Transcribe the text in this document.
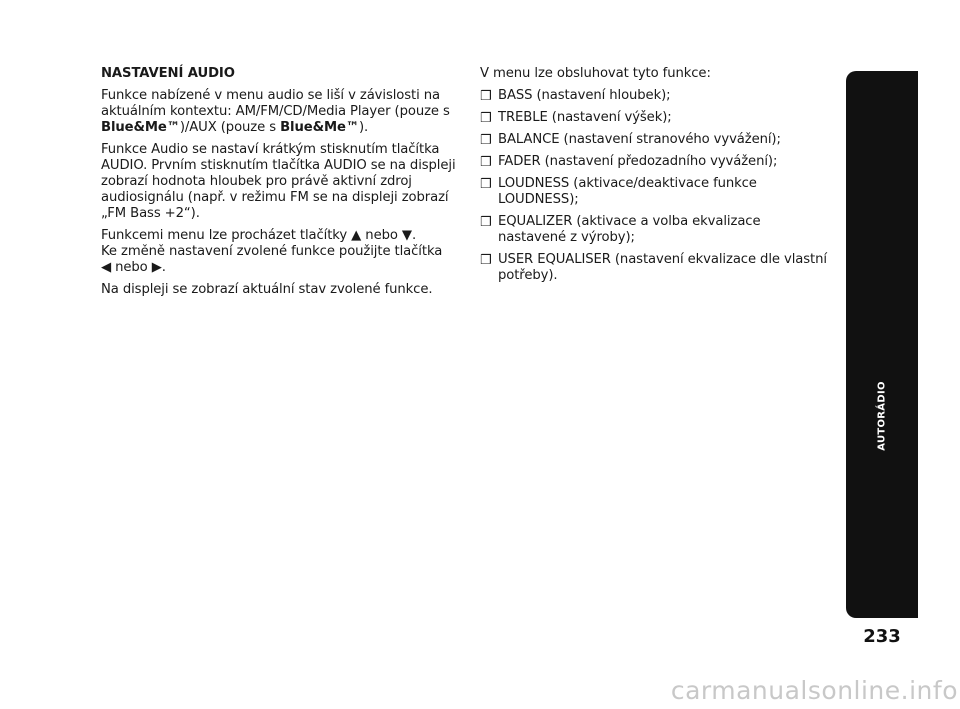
NASTAVENÍ AUDIO

Funkce nabízené v menu audio se liší v závislosti na aktuálním kontextu: AM/FM/CD/Media Player (pouze s Blue&Me™)/AUX (pouze s Blue&Me™).

Funkce Audio se nastaví krátkým stisknutím tlačítka AUDIO. Prvním stisknutím tlačítka AUDIO se na displeji zobrazí hodnota hloubek pro právě aktivní zdroj audiosignálu (např. v režimu FM se na displeji zobrazí „FM Bass +2“).

Funkcemi menu lze procházet tlačítky ▲ nebo ▼.
Ke změně nastavení zvolené funkce použijte tlačítka
◀ nebo ▶.

Na displeji se zobrazí aktuální stav zvolené funkce.

V menu lze obsluhovat tyto funkce:

❒ BASS (nastavení hloubek);
❒ TREBLE (nastavení výšek);
❒ BALANCE (nastavení stranového vyvážení);
❒ FADER (nastavení předozadního vyvážení);
❒ LOUDNESS (aktivace/deaktivace funkce LOUDNESS);
❒ EQUALIZER (aktivace a volba ekvalizace nastavené z výroby);
❒ USER EQUALISER (nastavení ekvalizace dle vlastní potřeby).
AUTORÁDIO
233
carmanualsonline.info
